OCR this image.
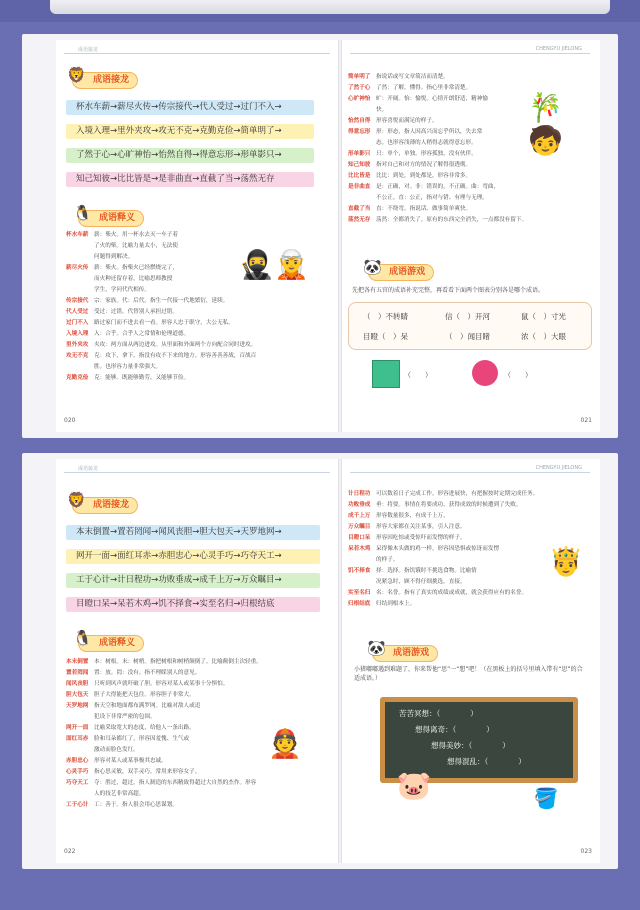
成语接龙
🦁 成语接龙
杯水车薪→薪尽火传→传宗接代→代人受过→过门不入→
入境入理→里外夹攻→攻无不克→克勤克俭→简单明了→
了然于心→心旷神怡→怡然自得→得意忘形→形单影只→
知己知彼→比比皆是→是非曲直→直截了当→荡然无存
🐧 成语释义
杯水车薪 薪：柴火。用一杯水去灭一车子着
了火的柴。比喻力量太小，无法使
问题得到解决。
薪尽火传 薪：柴火。指柴火已经燃烧完了，
而火种还留存着。比喻思师教授
学生，学问代代相传。
传宗接代 宗：家族。代：后代。指生一代接一代地繁衍，延续。
代人受过 受过：过错。代替别人承担过错。
过门不入 路过家门而不进去看一看。形容人忠于职守，大公无私。
入境入理 入：合乎。合乎人之常情和伦理道德。
里外夹攻 夹攻：两方面从两边进攻。从里面和外面两个方向配合同时进攻。
攻无不克 克：攻下，拿下。指没有攻不下来的地方。形容善善善战，百战百
胜。也形容力量非常强大。
克勤克俭 克：能够。既能够勤劳，又能够节俭。
🥷🧝
020
CHENGYU JIELONG
简单明了 指说话或写文章简洁而清楚。
了然于心 了然：了解，懂得。指心里非常清楚。
心旷神怡 旷：开阔。怡：愉悦。心情开朗舒适，精神愉
快。
怡然自得 形容喜悦而满足的样子。
得意忘形 形：形态，指人因高兴而忘乎所以，失去常
态。也形容浅薄的人稍得志就得意忘形。
形单影只 只：单个，单独。形容孤独，没有伙伴。
知己知彼 指对自己和对方的情况了解得很透彻。
比比皆是 比比：到处，到处都是，形容非常多。
是非曲直 是：正确，对。非：错误的，不正确。曲：弯曲，
不公正。直：公正，指对与错、有理与无理。
直截了当 直：不绕弯。指说话、做事简单爽快。
荡然无存 荡然：全都消失了。原有的东西完全消失，一点都没有留下。
🎋🧒
🐼 成语游戏
先把各有五官的成语补充完整，再看看下面两个图表分别各是哪个成语。
（　）不转睛	信（　）开河	鼠（　）寸光
目瞪（　）呆	（　）闻目睹	浓（　）大眼
（　　）	（　　）
021
成语接龙
🦁 成语接龙
本末倒置→置若罔闻→闻风丧胆→胆大包天→天罗地网→
网开一面→面红耳赤→赤胆忠心→心灵手巧→巧夺天工→
工于心计→计日程功→功败垂成→成千上万→万众瞩目→
目瞪口呆→呆若木鸡→饥不择食→实至名归→归根结底
🐧 成语释义
本末倒置 本：树根。末：树梢。指把树根和树梢颠倒了。比喻颠倒主次轻重。
置若罔闻 置：放。罔：没有。指不理睬别人的意见。
闻风丧胆 只听到风声就吓破了胆。形容对某人或某事十分惧怕。
胆大包天 胆子大得能把天包住。形容胆子非常大。
天罗地网 指天空和地面都布满罗网。比喻对敌人或追
犯设下非常严密的包围。
网开一面 比喻采取宽大的态度，给他人一条出路。
面红耳赤 脸和耳朵都红了。形容因羞愧、生气或
激动而脸色发红。
赤胆忠心 形容对某人或某事极其忠诚。
心灵手巧 指心思灵敏，双手灵巧。常用来形容女子。
巧夺天工 夺：胜过，超过。指人制造的东西精致得超过大自然的杰作。形容
人的技艺非常高超。
工于心计 工：善于。指人很会用心思谋划。
👲
022
CHENGYU JIELONG
计日程功 可以数着日子完成工作。形容进展快，有把握按时定期完成任务。
功败垂成 垂：将要。事情在将要成功、获得成效的时候遭到了失败。
成千上万 形容数量很多，有成千上万。
万众瞩目 形容大家都在关注某事，引人注意。
目瞪口呆 形容因吃惊或受惊吓而发愣的样子。
呆若木鸡 呆得像木头做的鸡一样。形容因恐惧或惊讶而发愣
的样子。
饥不择食 择：选择。指饥饿时不挑选食物。比喻情
况紧急时，顾不得仔细挑选，直接。
实至名归 名：名誉。指有了真实的成绩或成就，就会获得应有的名誉。
归根结底 归结到根本上。
🤴
🐼 成语游戏
小猪嘟嘟遇到难题了，你来帮他“思”一“想”吧！（在黑板上的括号里填入带有“思”的合适成语。）
苦苦冥想：（　　　　）
想得离奇：（　　　　）
想得美妙：（　　　　）
想得混乱：（　　　　）
🐷	🪣
023
